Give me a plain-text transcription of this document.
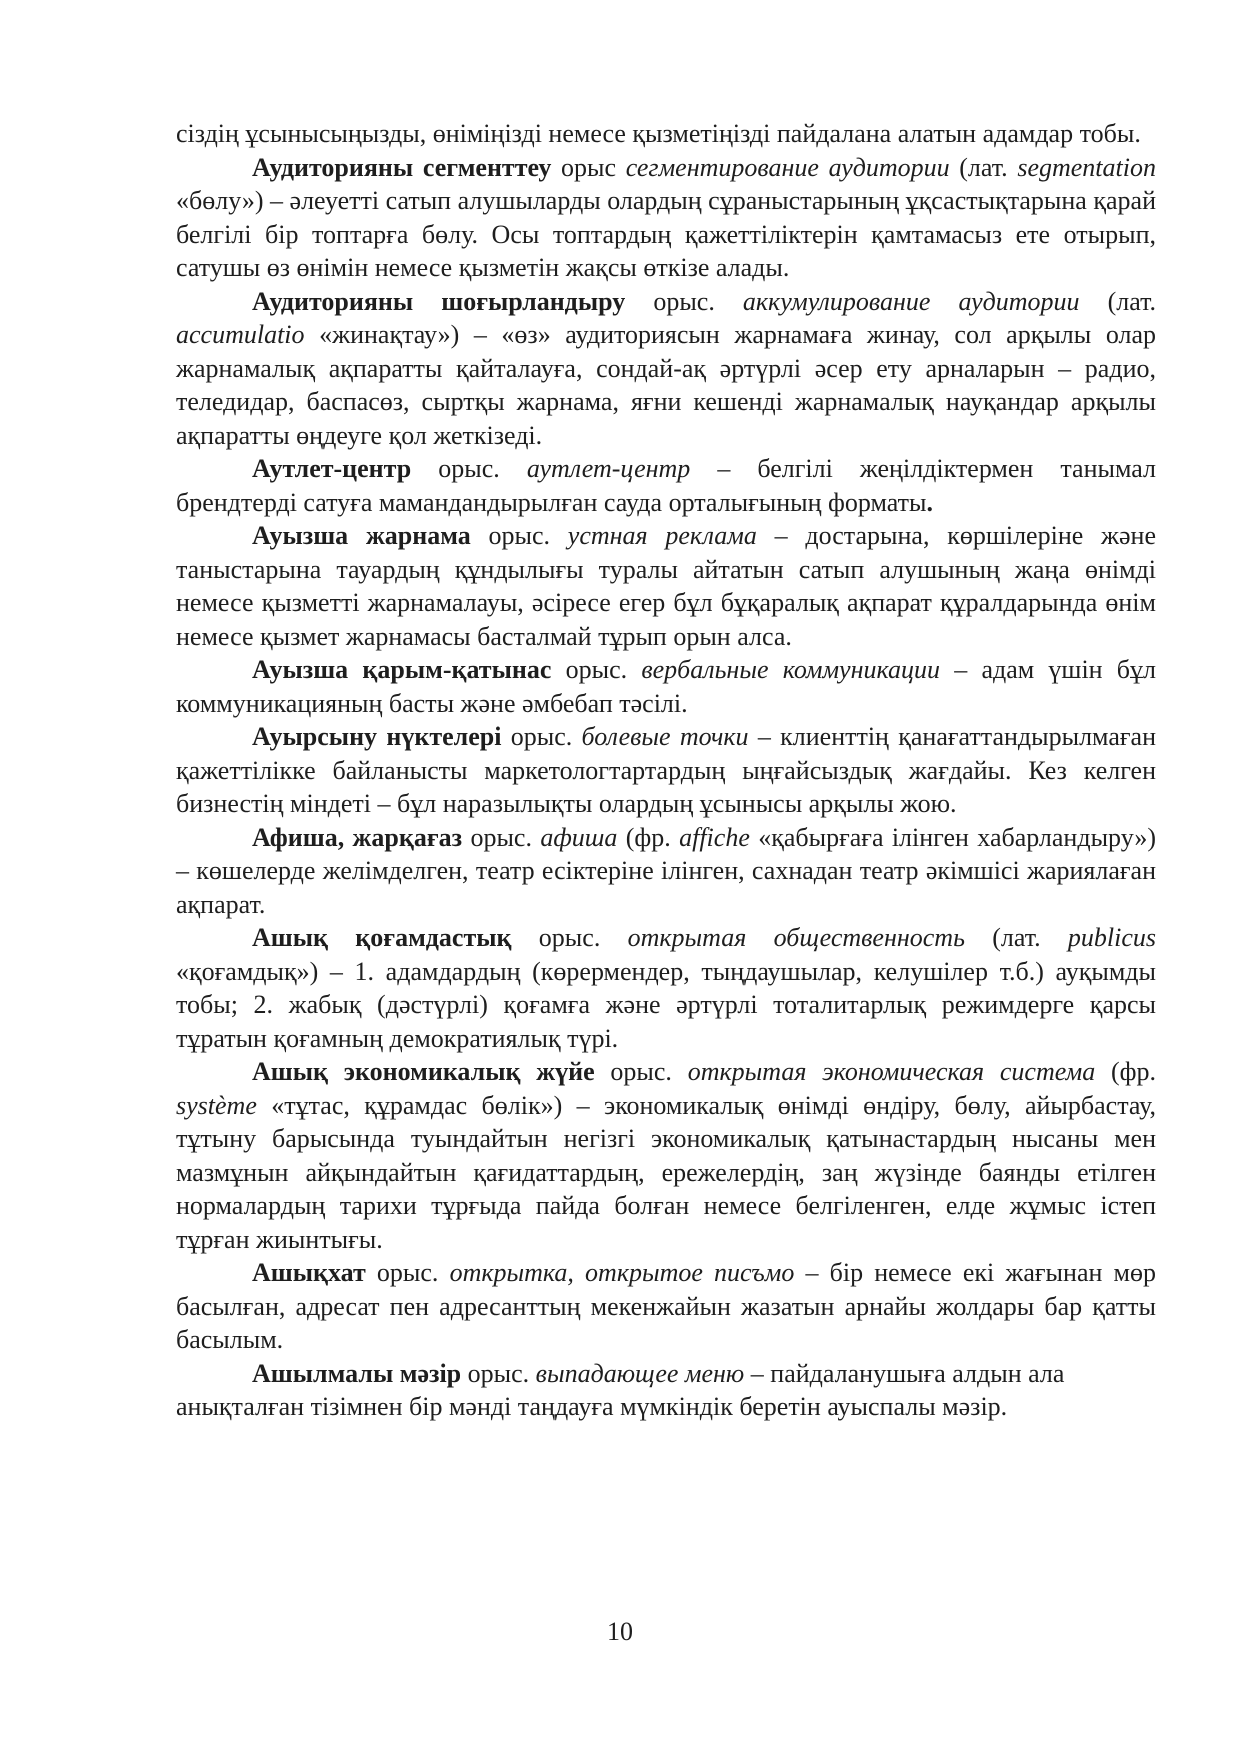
сіздің ұсынысыңызды, өніміңізді немесе қызметіңізді пайдалана алатын адамдар тобы.

Аудиторияны сегменттеу орыс сегментирование аудитории (лат. segmentation «бөлу») – әлеуетті сатып алушыларды олардың сұраныстарының ұқсастықтарына қарай белгілі бір топтарға бөлу. Осы топтардың қажеттіліктерін қамтамасыз ете отырып, сатушы өз өнімін немесе қызметін жақсы өткізе алады.

Аудиторияны шоғырландыру орыс. аккумулирование аудитории (лат. accumulatio «жинақтау») – «өз» аудиториясын жарнамаға жинау, сол арқылы олар жарнамалық ақпаратты қайталауға, сондай-ақ әртүрлі әсер ету арналарын – радио, теледидар, баспасөз, сыртқы жарнама, яғни кешенді жарнамалық науқандар арқылы ақпаратты өңдеуге қол жеткізеді.

Аутлет-центр орыс. аутлет-центр – белгілі жеңілдіктермен танымал брендтерді сатуға мамандандырылған сауда орталығының форматы.

Ауызша жарнама орыс. устная реклама – достарына, көршілеріне және таныстарына тауардың құндылығы туралы айтатын сатып алушының жаңа өнімді немесе қызметті жарнамалауы, әсіресе егер бұл бұқаралық ақпарат құралдарында өнім немесе қызмет жарнамасы басталмай тұрып орын алса.

Ауызша қарым-қатынас орыс. вербальные коммуникации – адам үшін бұл коммуникацияның басты және әмбебап тәсілі.

Ауырсыну нүктелері орыс. болевые точки – клиенттің қанағаттандырылмаған қажеттілікке байланысты маркетологтартардың ыңғайсыздық жағдайы. Кез келген бизнестің міндеті – бұл наразылықты олардың ұсынысы арқылы жою.

Афиша, жарқағаз орыс. афиша (фр. affiche «қабырғаға ілінген хабарландыру») – көшелерде желімделген, театр есіктеріне ілінген, сахнадан театр әкімшісі жариялаған ақпарат.

Ашық қоғамдастық орыс. открытая общественность (лат. publicus «қоғамдық») – 1. адамдардың (көрермендер, тыңдаушылар, келушілер т.б.) ауқымды тобы; 2. жабық (дәстүрлі) қоғамға және әртүрлі тоталитарлық режимдерге қарсы тұратын қоғамның демократиялық түрі.

Ашық экономикалық жүйе орыс. открытая экономическая система (фр. systѐme «тұтас, құрамдас бөлік») – экономикалық өнімді өндіру, бөлу, айырбастау, тұтыну барысында туындайтын негізгі экономикалық қатынастардың нысаны мен мазмұнын айқындайтын қағидаттардың, ережелердің, заң жүзінде баянды етілген нормалардың тарихи тұрғыда пайда болған немесе белгіленген, елде жұмыс істеп тұрған жиынтығы.

Ашықхат орыс. открытка, открытое писъмо – бір немесе екі жағынан мөр басылған, адресат пен адресанттың мекенжайын жазатын арнайы жолдары бар қатты басылым.

Ашылмалы мәзір орыс. выпадающее меню – пайдаланушыға алдын ала анықталған тізімнен бір мәнді таңдауға мүмкіндік беретін ауыспалы мәзір.

10
